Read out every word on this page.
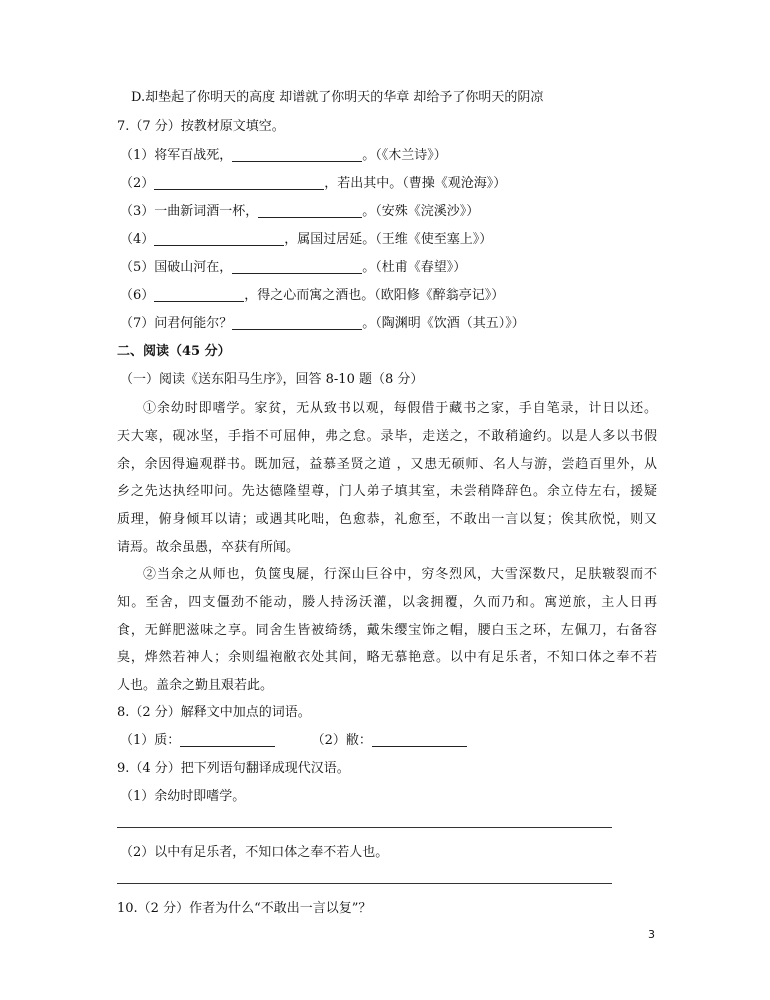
D.却垫起了你明天的高度 却谱就了你明天的华章 却给予了你明天的阴凉
7.（7 分）按教材原文填空。
（1）将军百战死，	。（《木兰诗》）
（2）	，若出其中。（曹操《观沧海》）
（3）一曲新词酒一杯，	。（安殊《浣溪沙》）
（4）	，属国过居延。（王维《使至塞上》）
（5）国破山河在，	。（杜甫《春望》）
（6）	，得之心而寓之酒也。（欧阳修《醉翁亭记》）
（7）问君何能尔？	。（陶渊明《饮酒（其五）》）
二、阅读（45 分）
（一）阅读《送东阳马生序》，回答 8-10 题（8 分）
①余幼时即嗜学。家贫，无从致书以观，每假借于藏书之家，手自笔录，计日以还。
天大寒，砚冰坚，手指不可屈伸，弗之怠。录毕，走送之，不敢稍逾约。以是人多以书假
余，余因得遍观群书。既加冠，益慕圣贤之道 ，又患无硕师、名人与游，尝趋百里外，从
乡之先达执经叩问。先达德隆望尊，门人弟子填其室，未尝稍降辞色。余立侍左右，援疑
质理，俯身倾耳以请；或遇其叱咄，色愈恭，礼愈至，不敢出一言以复；俟其欣悦，则又
请焉。故余虽愚，卒获有所闻。
②当余之从师也，负箧曳屣，行深山巨谷中，穷冬烈风，大雪深数尺，足肤皲裂而不
知。至舍，四支僵劲不能动，媵人持汤沃灌，以衾拥覆，久而乃和。寓逆旅，主人日再
食，无鲜肥滋味之享。同舍生皆被绮绣，戴朱缨宝饰之帽，腰白玉之环，左佩刀，右备容
臭，烨然若神人；余则缊袍敝衣处其间，略无慕艳意。以中有足乐者，不知口体之奉不若
人也。盖余之勤且艰若此。
8.（2 分）解释文中加点的词语。
（1）质：	（2）敝：
9.（4 分）把下列语句翻译成现代汉语。
（1）余幼时即嗜学。
（2）以中有足乐者，不知口体之奉不若人也。
10.（2 分）作者为什么“不敢出一言以复”？
3
